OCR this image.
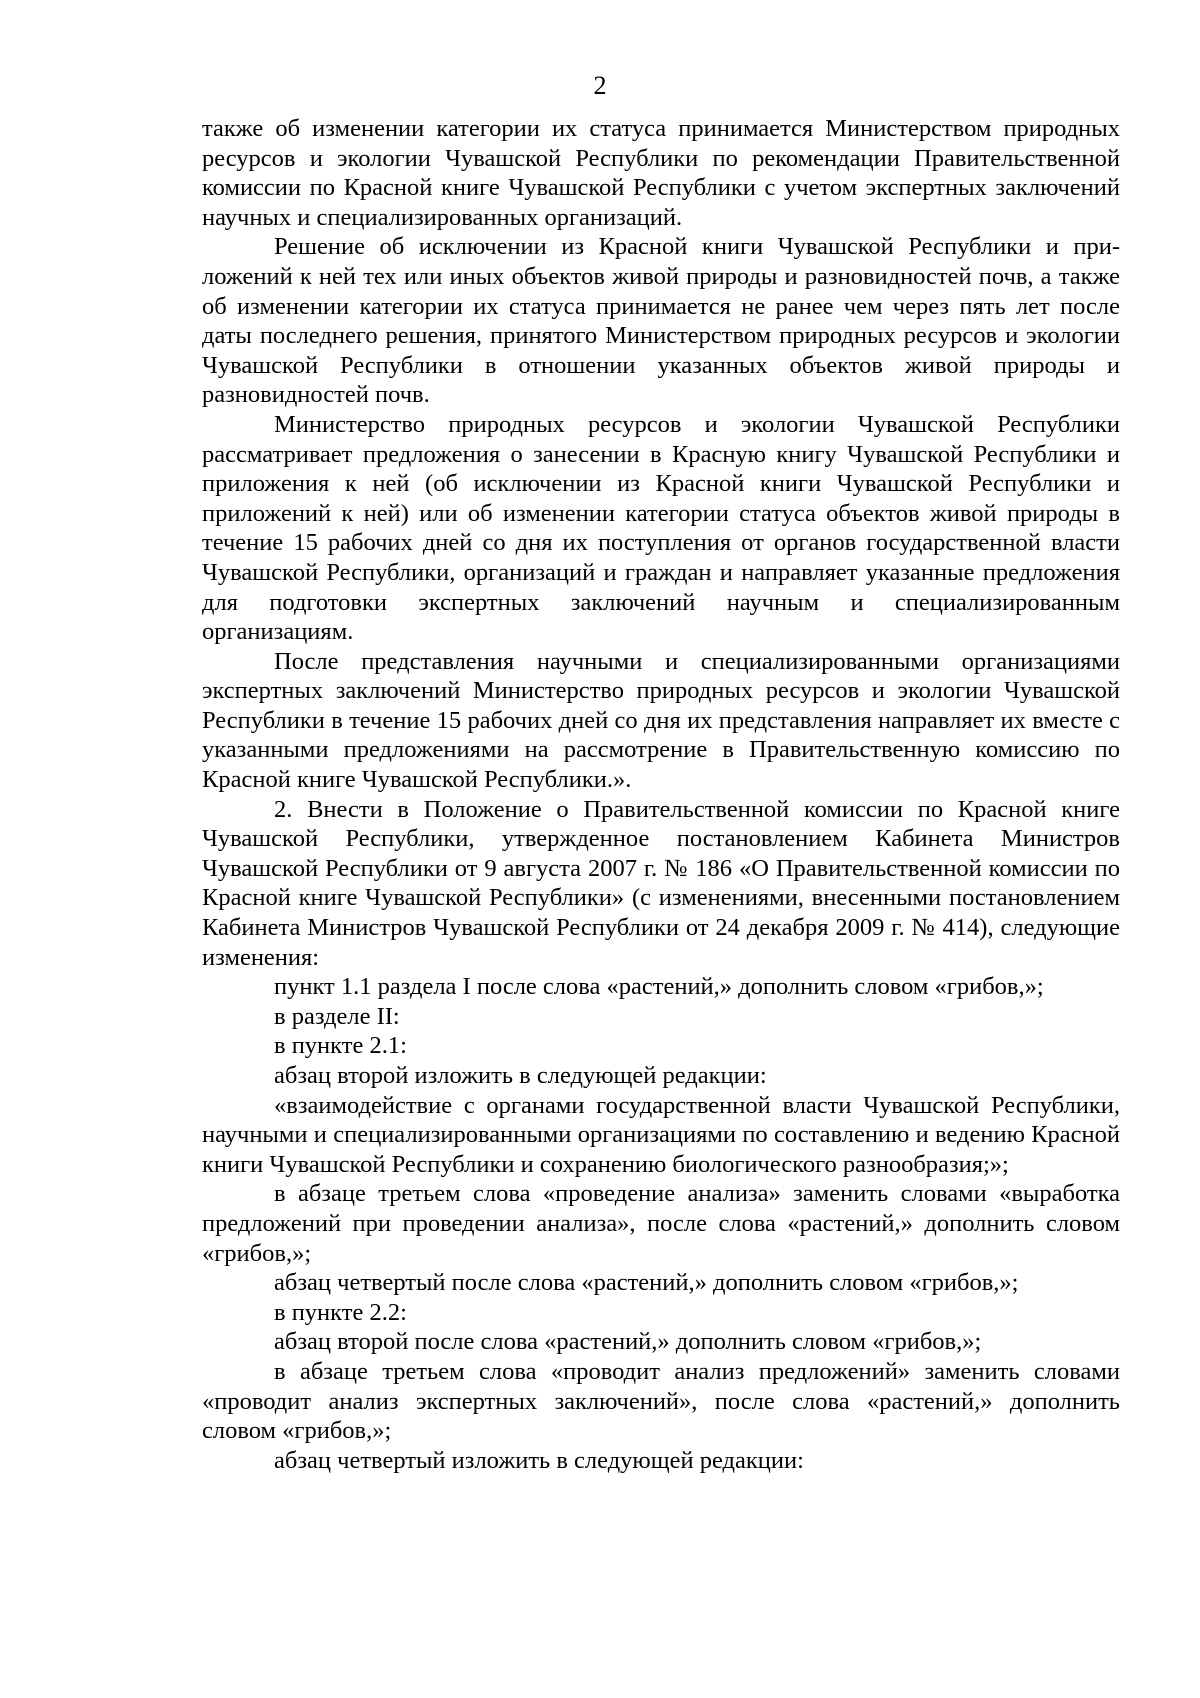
2

также об изменении категории их статуса принимается Министерством природных ресурсов и экологии Чувашской Республики по рекомендации Правительственной комиссии по Красной книге Чувашской Республики с учетом экспертных заключений научных и специализированных организаций.

Решение об исключении из Красной книги Чувашской Республики и приложений к ней тех или иных объектов живой природы и разновидностей почв, а также об изменении категории их статуса принимается не ранее чем через пять лет после даты последнего решения, принятого Министерством природных ресурсов и экологии Чувашской Республики в отношении указанных объектов живой природы и разновидностей почв.

Министерство природных ресурсов и экологии Чувашской Республики рассматривает предложения о занесении в Красную книгу Чувашской Республики и приложения к ней (об исключении из Красной книги Чувашской Республики и приложений к ней) или об изменении категории статуса объектов живой природы в течение 15 рабочих дней со дня их поступления от органов государственной власти Чувашской Республики, организаций и граждан и направляет указанные предложения для подготовки экспертных заключений научным и специализированным организациям.

После представления научными и специализированными организациями экспертных заключений Министерство природных ресурсов и экологии Чувашской Республики в течение 15 рабочих дней со дня их представления направляет их вместе с указанными предложениями на рассмотрение в Правительственную комиссию по Красной книге Чувашской Республики.».

2. Внести в Положение о Правительственной комиссии по Красной книге Чувашской Республики, утвержденное постановлением Кабинета Министров Чувашской Республики от 9 августа 2007 г. № 186 «О Правительственной комиссии по Красной книге Чувашской Республики» (с изменениями, внесенными постановлением Кабинета Министров Чувашской Республики от 24 декабря 2009 г. № 414), следующие изменения:

пункт 1.1 раздела I после слова «растений,» дополнить словом «грибов,»;

в разделе II:

в пункте 2.1:

абзац второй изложить в следующей редакции:

«взаимодействие с органами государственной власти Чувашской Республики, научными и специализированными организациями по составлению и ведению Красной книги Чувашской Республики и сохранению биологического разнообразия;»;

в абзаце третьем слова «проведение анализа» заменить словами «выработка предложений при проведении анализа», после слова «растений,» дополнить словом «грибов,»;

абзац четвертый после слова «растений,» дополнить словом «грибов,»;

в пункте 2.2:

абзац второй после слова «растений,» дополнить словом «грибов,»;

в абзаце третьем слова «проводит анализ предложений» заменить словами «проводит анализ экспертных заключений», после слова «растений,» дополнить словом «грибов,»;

абзац четвертый изложить в следующей редакции:
